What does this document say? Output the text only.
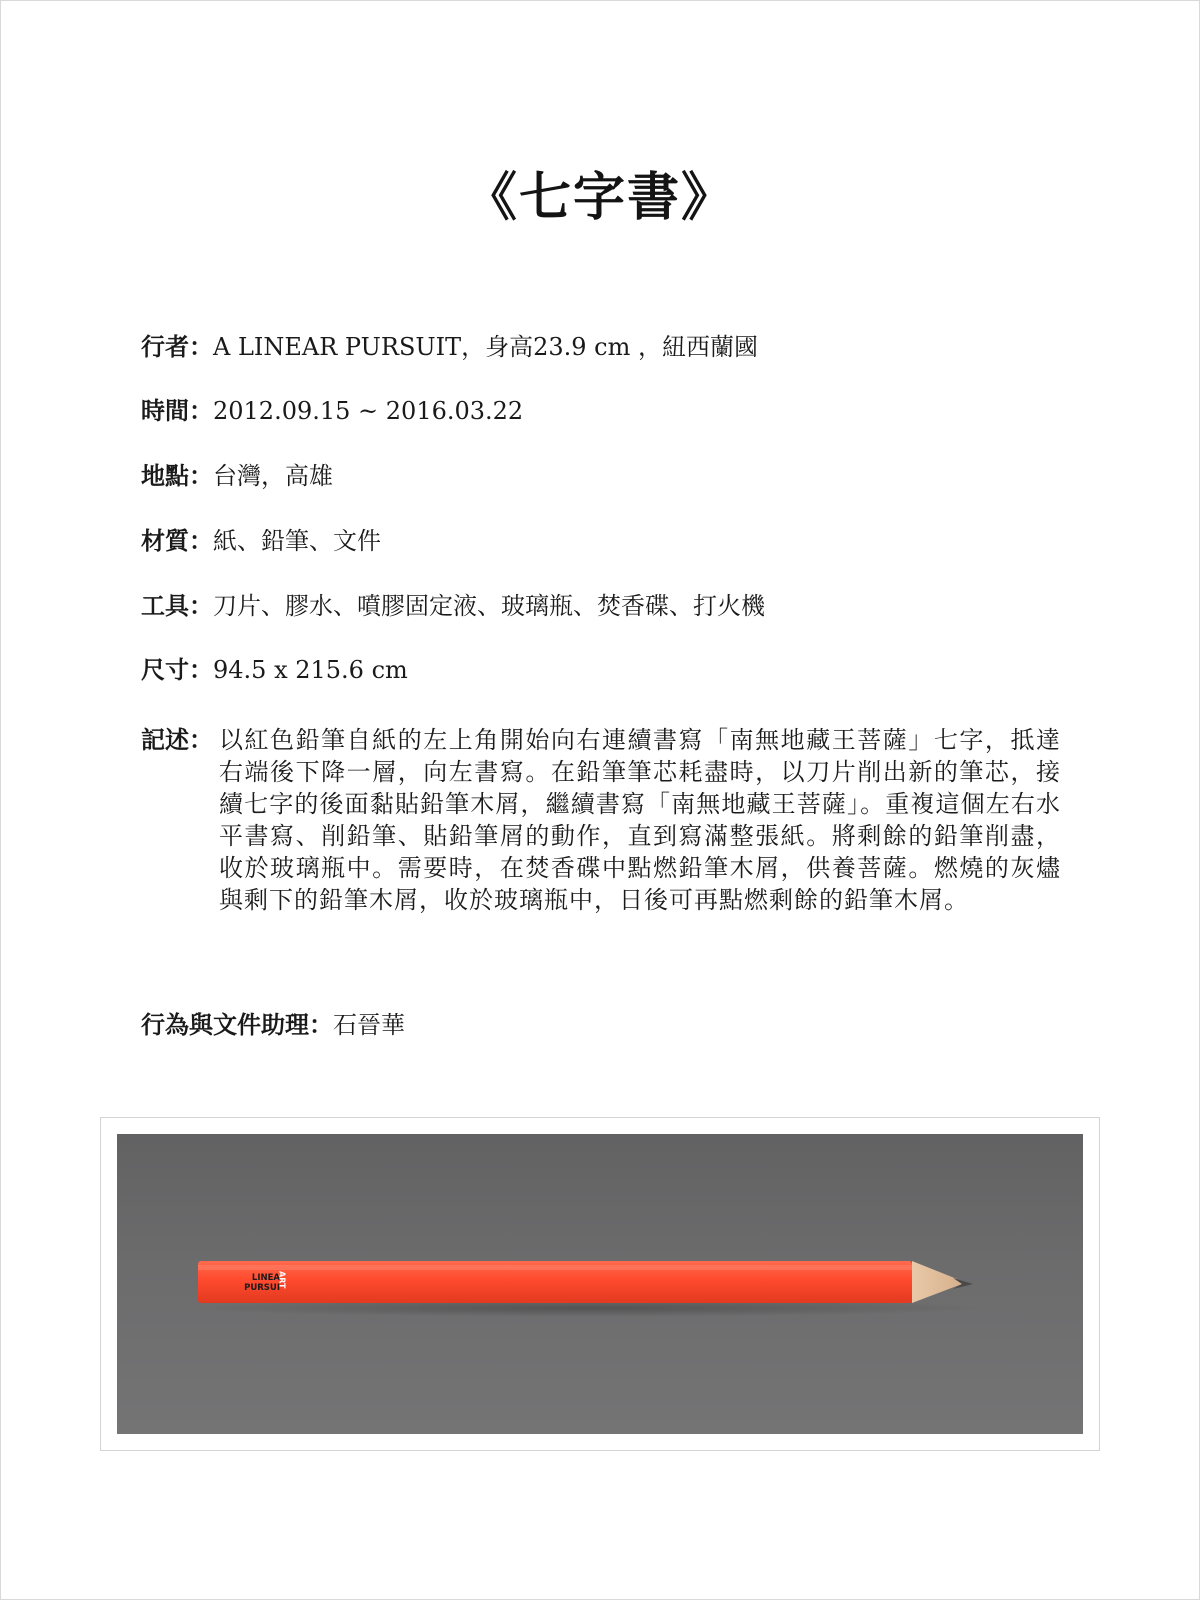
《七字書》
行者：A LINEAR PURSUIT，身高23.9 cm ，紐西蘭國
時間：2012.09.15 ~ 2016.03.22
地點：台灣，高雄
材質：紙、鉛筆、文件
工具：刀片、膠水、噴膠固定液、玻璃瓶、焚香碟、打火機
尺寸：94.5 x 215.6 cm
記述： 以紅色鉛筆自紙的左上角開始向右連續書寫「南無地藏王菩薩」七字，抵達右端後下降一層，向左書寫。在鉛筆筆芯耗盡時，以刀片削出新的筆芯，接續七字的後面黏貼鉛筆木屑，繼續書寫「南無地藏王菩薩」。重複這個左右水平書寫、削鉛筆、貼鉛筆屑的動作，直到寫滿整張紙。將剩餘的鉛筆削盡，收於玻璃瓶中。需要時，在焚香碟中點燃鉛筆木屑，供養菩薩。燃燒的灰燼與剩下的鉛筆木屑，收於玻璃瓶中，日後可再點燃剩餘的鉛筆木屑。
行為與文件助理：石晉華
LINEA
PURSUI
ART
